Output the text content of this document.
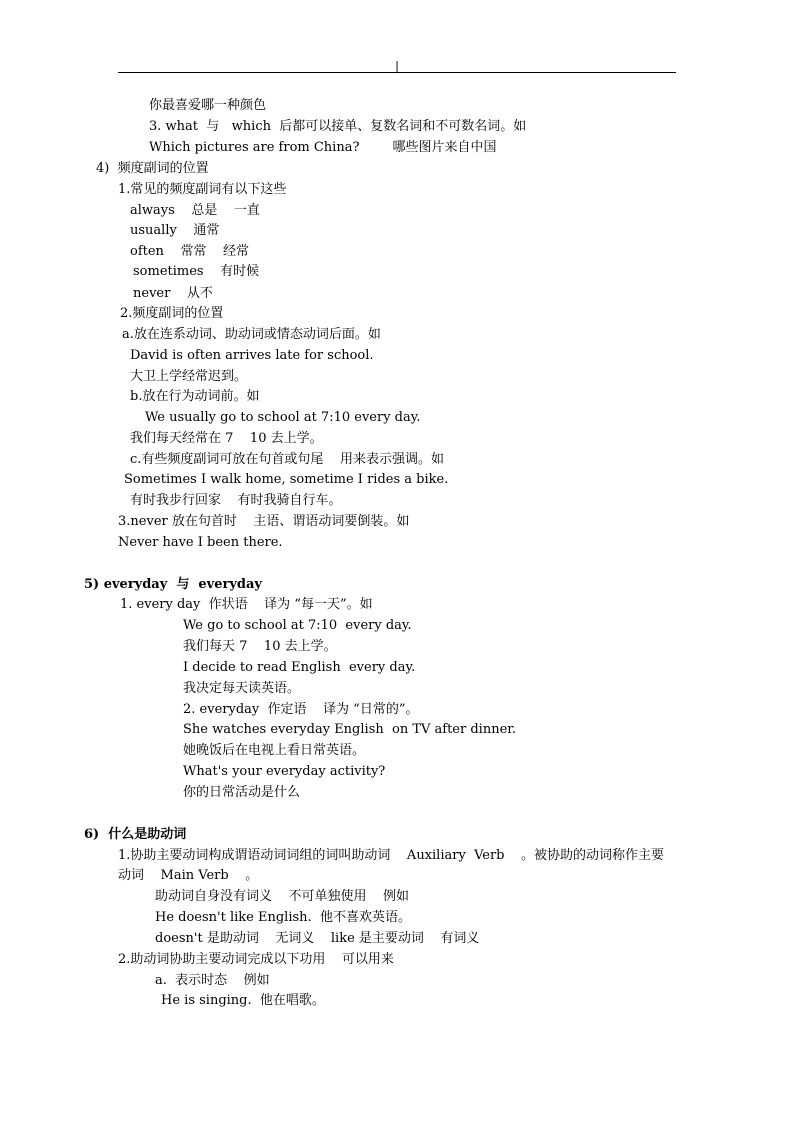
|
你最喜爱哪一种颜色
3. what  与   which  后都可以接单、复数名词和不可数名词。如
Which pictures are from China?        哪些图片来自中国
4)  频度副词的位置
1.常见的频度副词有以下这些
always    总是    一直
usually    通常
often    常常    经常
sometimes    有时候
never    从不
2.频度副词的位置
a.放在连系动词、助动词或情态动词后面。如
David is often arrives late for school.
大卫上学经常迟到。
b.放在行为动词前。如
We usually go to school at 7:10 every day.
我们每天经常在 7    10 去上学。
c.有些频度副词可放在句首或句尾    用来表示强调。如
Sometimes I walk home, sometime I rides a bike.
有时我步行回家    有时我骑自行车。
3.never 放在句首时    主语、谓语动词要倒装。如
Never have I been there.
5) everyday  与  everyday
1. every day  作状语    译为 “每一天”。如
We go to school at 7:10  every day.
我们每天 7    10 去上学。
I decide to read English  every day.
我决定每天读英语。
2. everyday  作定语    译为 “日常的”。
She watches everyday English  on TV after dinner.
她晚饭后在电视上看日常英语。
What's your everyday activity?
你的日常活动是什么
6)  什么是助动词
1.协助主要动词构成谓语动词词组的词叫助动词    Auxiliary  Verb    。被协助的动词称作主要
动词    Main Verb    。
助动词自身没有词义    不可单独使用    例如
He doesn't like English.  他不喜欢英语。
doesn't 是助动词    无词义    like 是主要动词    有词义
2.助动词协助主要动词完成以下功用    可以用来
a.  表示时态    例如
He is singing.  他在唱歌。
